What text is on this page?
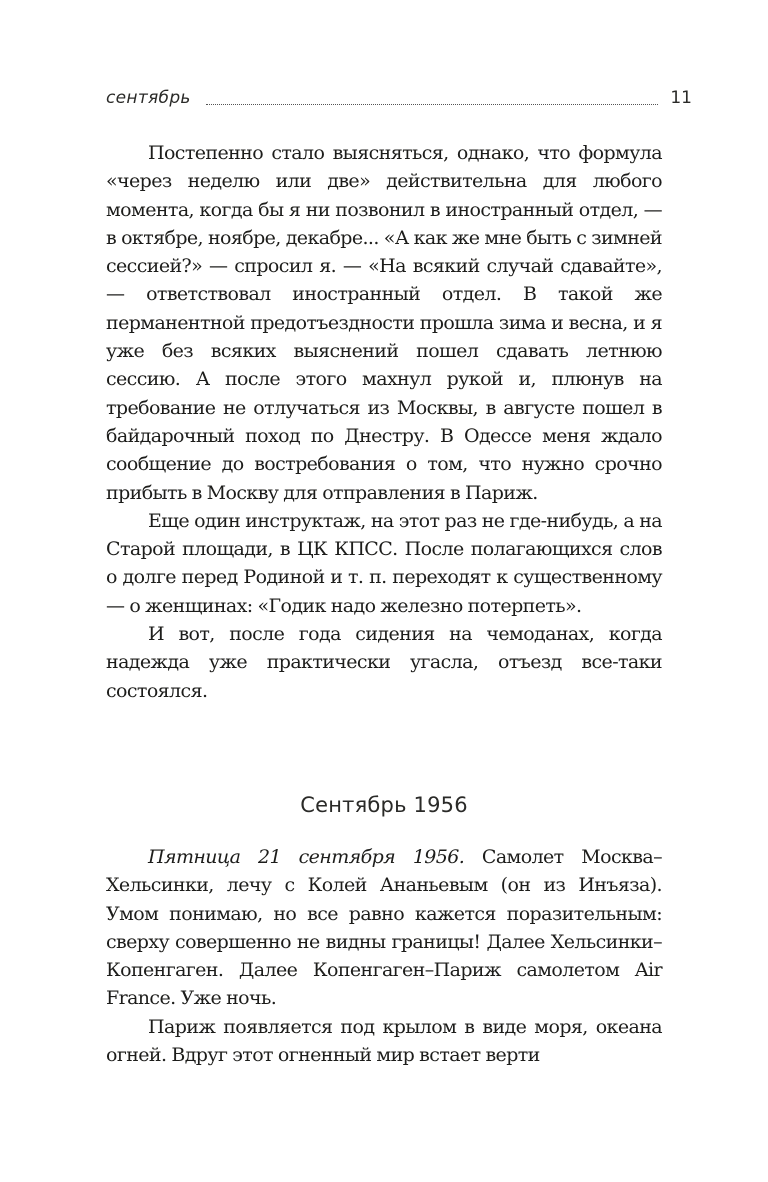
сентябрь	11

Постепенно стало выясняться, однако, что формула «через неделю или две» действительна для любого момента, когда бы я ни позвонил в иностранный отдел, — в октябре, ноябре, декабре... «А как же мне быть с зимней сессией?» — спросил я. — «На всякий случай сдавайте», — ответствовал иностранный отдел. В такой же перманентной предотъездности прошла зима и весна, и я уже без всяких выяснений пошел сдавать летнюю сессию. А после этого махнул рукой и, плюнув на требование не отлучаться из Москвы, в августе пошел в байдарочный поход по Днестру. В Одессе меня ждало сообщение до востребования о том, что нужно срочно прибыть в Москву для отправления в Париж.

Еще один инструктаж, на этот раз не где-нибудь, а на Старой площади, в ЦК КПСС. После полагающихся слов о долге перед Родиной и т. п. переходят к существенному — о женщинах: «Годик надо железно потерпеть».

И вот, после года сидения на чемоданах, когда надежда уже практически угасла, отъезд все-таки состоялся.

Сентябрь 1956

Пятница 21 сентября 1956. Самолет Москва–Хельсинки, лечу с Колей Ананьевым (он из Инъяза). Умом понимаю, но все равно кажется поразительным: сверху совершенно не видны границы! Далее Хельсинки–Копенгаген. Далее Копенгаген–Париж самолетом Air France. Уже ночь.

Париж появляется под крылом в виде моря, океана огней. Вдруг этот огненный мир встает верти
